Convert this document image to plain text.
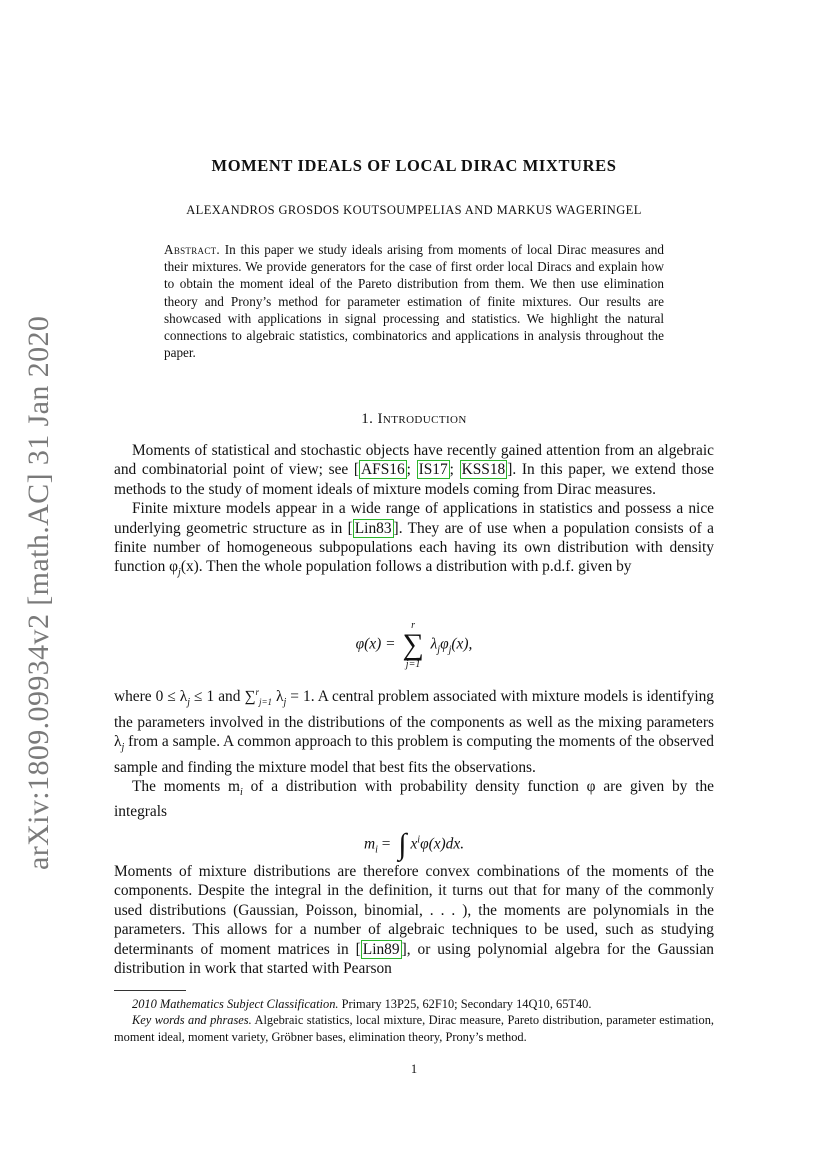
arXiv:1809.09934v2 [math.AC] 31 Jan 2020
MOMENT IDEALS OF LOCAL DIRAC MIXTURES
ALEXANDROS GROSDOS KOUTSOUMPELIAS AND MARKUS WAGERINGEL
Abstract. In this paper we study ideals arising from moments of local Dirac measures and their mixtures. We provide generators for the case of first order local Diracs and explain how to obtain the moment ideal of the Pareto distribution from them. We then use elimination theory and Prony’s method for parameter estimation of finite mixtures. Our results are showcased with applications in signal processing and statistics. We highlight the natural connections to algebraic statistics, combinatorics and applications in analysis throughout the paper.
1. Introduction

Moments of statistical and stochastic objects have recently gained attention from an algebraic and combinatorial point of view; see [ AFS16 ; IS17 ; KSS18 ]. In this paper, we extend those methods to the study of moment ideals of mixture models coming from Dirac measures.

Finite mixture models appear in a wide range of applications in statistics and possess a nice underlying geometric structure as in [ Lin83 ]. They are of use when a population consists of a finite number of homogeneous subpopulations each having its own distribution with density function $\varphi_j(x)$. Then the whole population follows a distribution with p.d.f. given by

φ(x) =
r
∑
j=1
$\lambda_j\varphi_j(x)$,

where $0 \le \lambda_j \le 1$ and ∑$^r_{j=1}$ $\lambda_j = 1$. A central problem associated with mixture models is identifying the parameters involved in the distributions of the components as well as the mixing parameters $\lambda_j$ from a sample. A common approach to this problem is computing the moments of the observed sample and finding the mixture model that best fits the observations.

The moments $m_i$ of a distribution with probability density function φ are given by the integrals

$m_i$ = ∫ $x^i\varphi(x)dx$.

Moments of mixture distributions are therefore convex combinations of the moments of the components. Despite the integral in the definition, it turns out that for many of the commonly used distributions (Gaussian, Poisson, binomial, . . . ), the moments are polynomials in the parameters. This allows for a number of algebraic techniques to be used, such as studying determinants of moment matrices in [ Lin89 ], or using polynomial algebra for the Gaussian distribution in work that started with Pearson

2010 Mathematics Subject Classification. Primary 13P25, 62F10; Secondary 14Q10, 65T40.

Key words and phrases. Algebraic statistics, local mixture, Dirac measure, Pareto distribution, parameter estimation, moment ideal, moment variety, Gröbner bases, elimination theory, Prony’s method.

1
